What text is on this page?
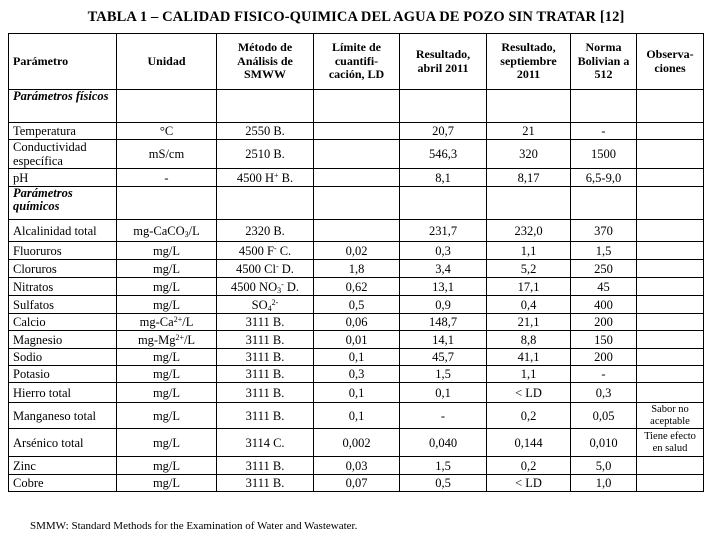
TABLA 1 – CALIDAD FISICO-QUIMICA DEL AGUA DE POZO SIN TRATAR [12]
Parámetro	Unidad	Método de Análisis de SMWW	Límite de cuantifi-cación, LD	Resultado, abril 2011	Resultado, septiembre 2011	Norma Bolivian a 512	Observa-ciones
Parámetros físicos							
Temperatura	°C	2550 B.		20,7	21	-	
Conductividad específica	mS/cm	2510 B.		546,3	320	1500	
pH	-	4500 H+ B.		8,1	8,17	6,5-9,0	
Parámetros químicos							
Alcalinidad total	mg-CaCO$_3$/L	2320 B.		231,7	232,0	370	
Fluoruros	mg/L	4500 F- C.	0,02	0,3	1,1	1,5	
Cloruros	mg/L	4500 Cl- D.	1,8	3,4	5,2	250	
Nitratos	mg/L	4500 $NO_3^-$ D.	0,62	13,1	17,1	45	
Sulfatos	mg/L	$SO_4^{2-}$	0,5	0,9	0,4	400	
Calcio	$mg-Ca^{2+}/L$	3111 B.	0,06	148,7	21,1	200	
Magnesio	$mg-Mg^{2+}/L$	3111 B.	0,01	14,1	8,8	150	
Sodio	mg/L	3111 B.	0,1	45,7	41,1	200	
Potasio	mg/L	3111 B.	0,3	1,5	1,1	-	
Hierro total	mg/L	3111 B.	0,1	0,1	< LD	0,3	
Manganeso total	mg/L	3111 B.	0,1	-	0,2	0,05	Sabor no aceptable
Arsénico total	mg/L	3114 C.	0,002	0,040	0,144	0,010	Tiene efecto en salud
Zinc	mg/L	3111 B.	0,03	1,5	0,2	5,0	
Cobre	mg/L	3111 B.	0,07	0,5	< LD	1,0	
SMMW: Standard Methods for the Examination of Water and Wastewater.
